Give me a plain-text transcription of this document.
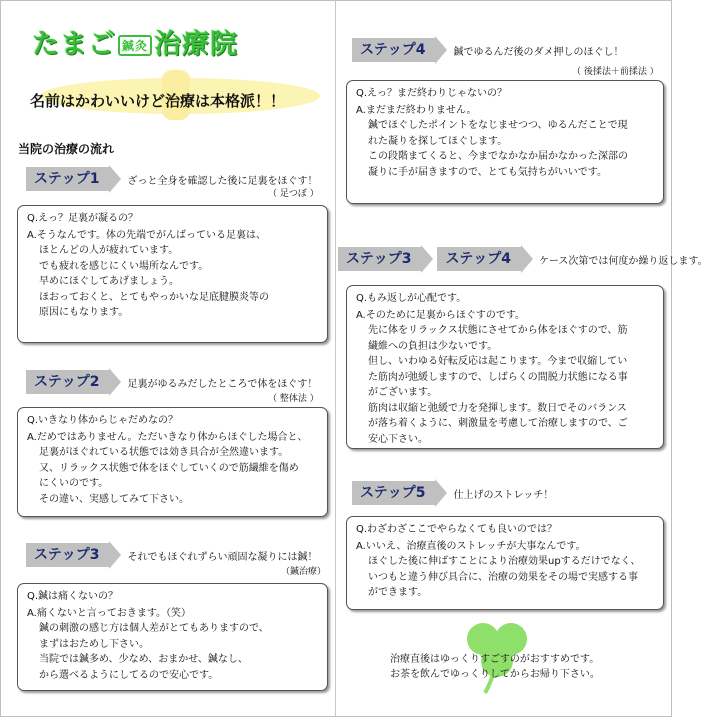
たまご 鍼灸 治療院
名前はかわいいけど治療は本格派！！
当院の治療の流れ
ステップ1	ざっと全身を確認した後に足裏をほぐす！
（ 足つぼ ）
Q.えっ？足裏が凝るの？
A.そうなんです。体の先端でがんばっている足裏は、
ほとんどの人が疲れています。
でも疲れを感じにくい場所なんです。
早めにほぐしてあげましょう。
ほおっておくと、とてもやっかいな足底腱膜炎等の
原因にもなります。
ステップ2	足裏がゆるみだしたところで体をほぐす！
（ 整体法 ）
Q.いきなり体からじゃだめなの？
A.だめではありません。ただいきなり体からほぐした場合と、
足裏がほぐれている状態では効き具合が全然違います。
又、リラックス状態で体をほぐしていくので筋繊維を傷め
にくいのです。
その違い、実感してみて下さい。
ステップ3	それでもほぐれずらい頑固な凝りには鍼！
（鍼治療）
Q.鍼は痛くないの？
A.痛くないと言っておきます。（笑）
鍼の刺激の感じ方は個人差がとてもありますので、
まずはおためし下さい。
当院では鍼多め、少なめ、おまかせ、鍼なし、
から選べるようにしてるので安心です。
ステップ4	鍼でゆるんだ後のダメ押しのほぐし！
（ 後揉法＋前揉法 ）
Q.えっ？まだ終わりじゃないの？
A.まだまだ終わりません。
鍼でほぐしたポイントをなじませつつ、ゆるんだことで現
れた凝りを探してほぐします。
この段階まてくると、今までなかなか届かなかった深部の
凝りに手が届きますので、とても気持ちがいいです。
ステップ3 ステップ4	ケース次第では何度か繰り返します。
Q.もみ返しが心配です。
A.そのために足裏からほぐすのです。
先に体をリラックス状態にさせてから体をほぐすので、筋
繊維への負担は少ないです。
但し、いわゆる好転反応は起こります。今まで収縮してい
た筋肉が弛緩しますので、しばらくの間脱力状態になる事
がございます。
筋肉は収縮と弛緩で力を発揮します。数日でそのバランス
が落ち着くように、刺激量を考慮して治療しますので、ご
安心下さい。
ステップ5	仕上げのストレッチ！
Q.わざわざここでやらなくても良いのでは？
A.いいえ、治療直後のストレッチが大事なんです。
ほぐした後に伸ばすことにより治療効果upするだけでなく、
いつもと違う伸び具合に、治療の効果をその場で実感する事
ができます。
治療直後はゆっくりすごすのがおすすめです。
お茶を飲んでゆっくりしてからお帰り下さい。
